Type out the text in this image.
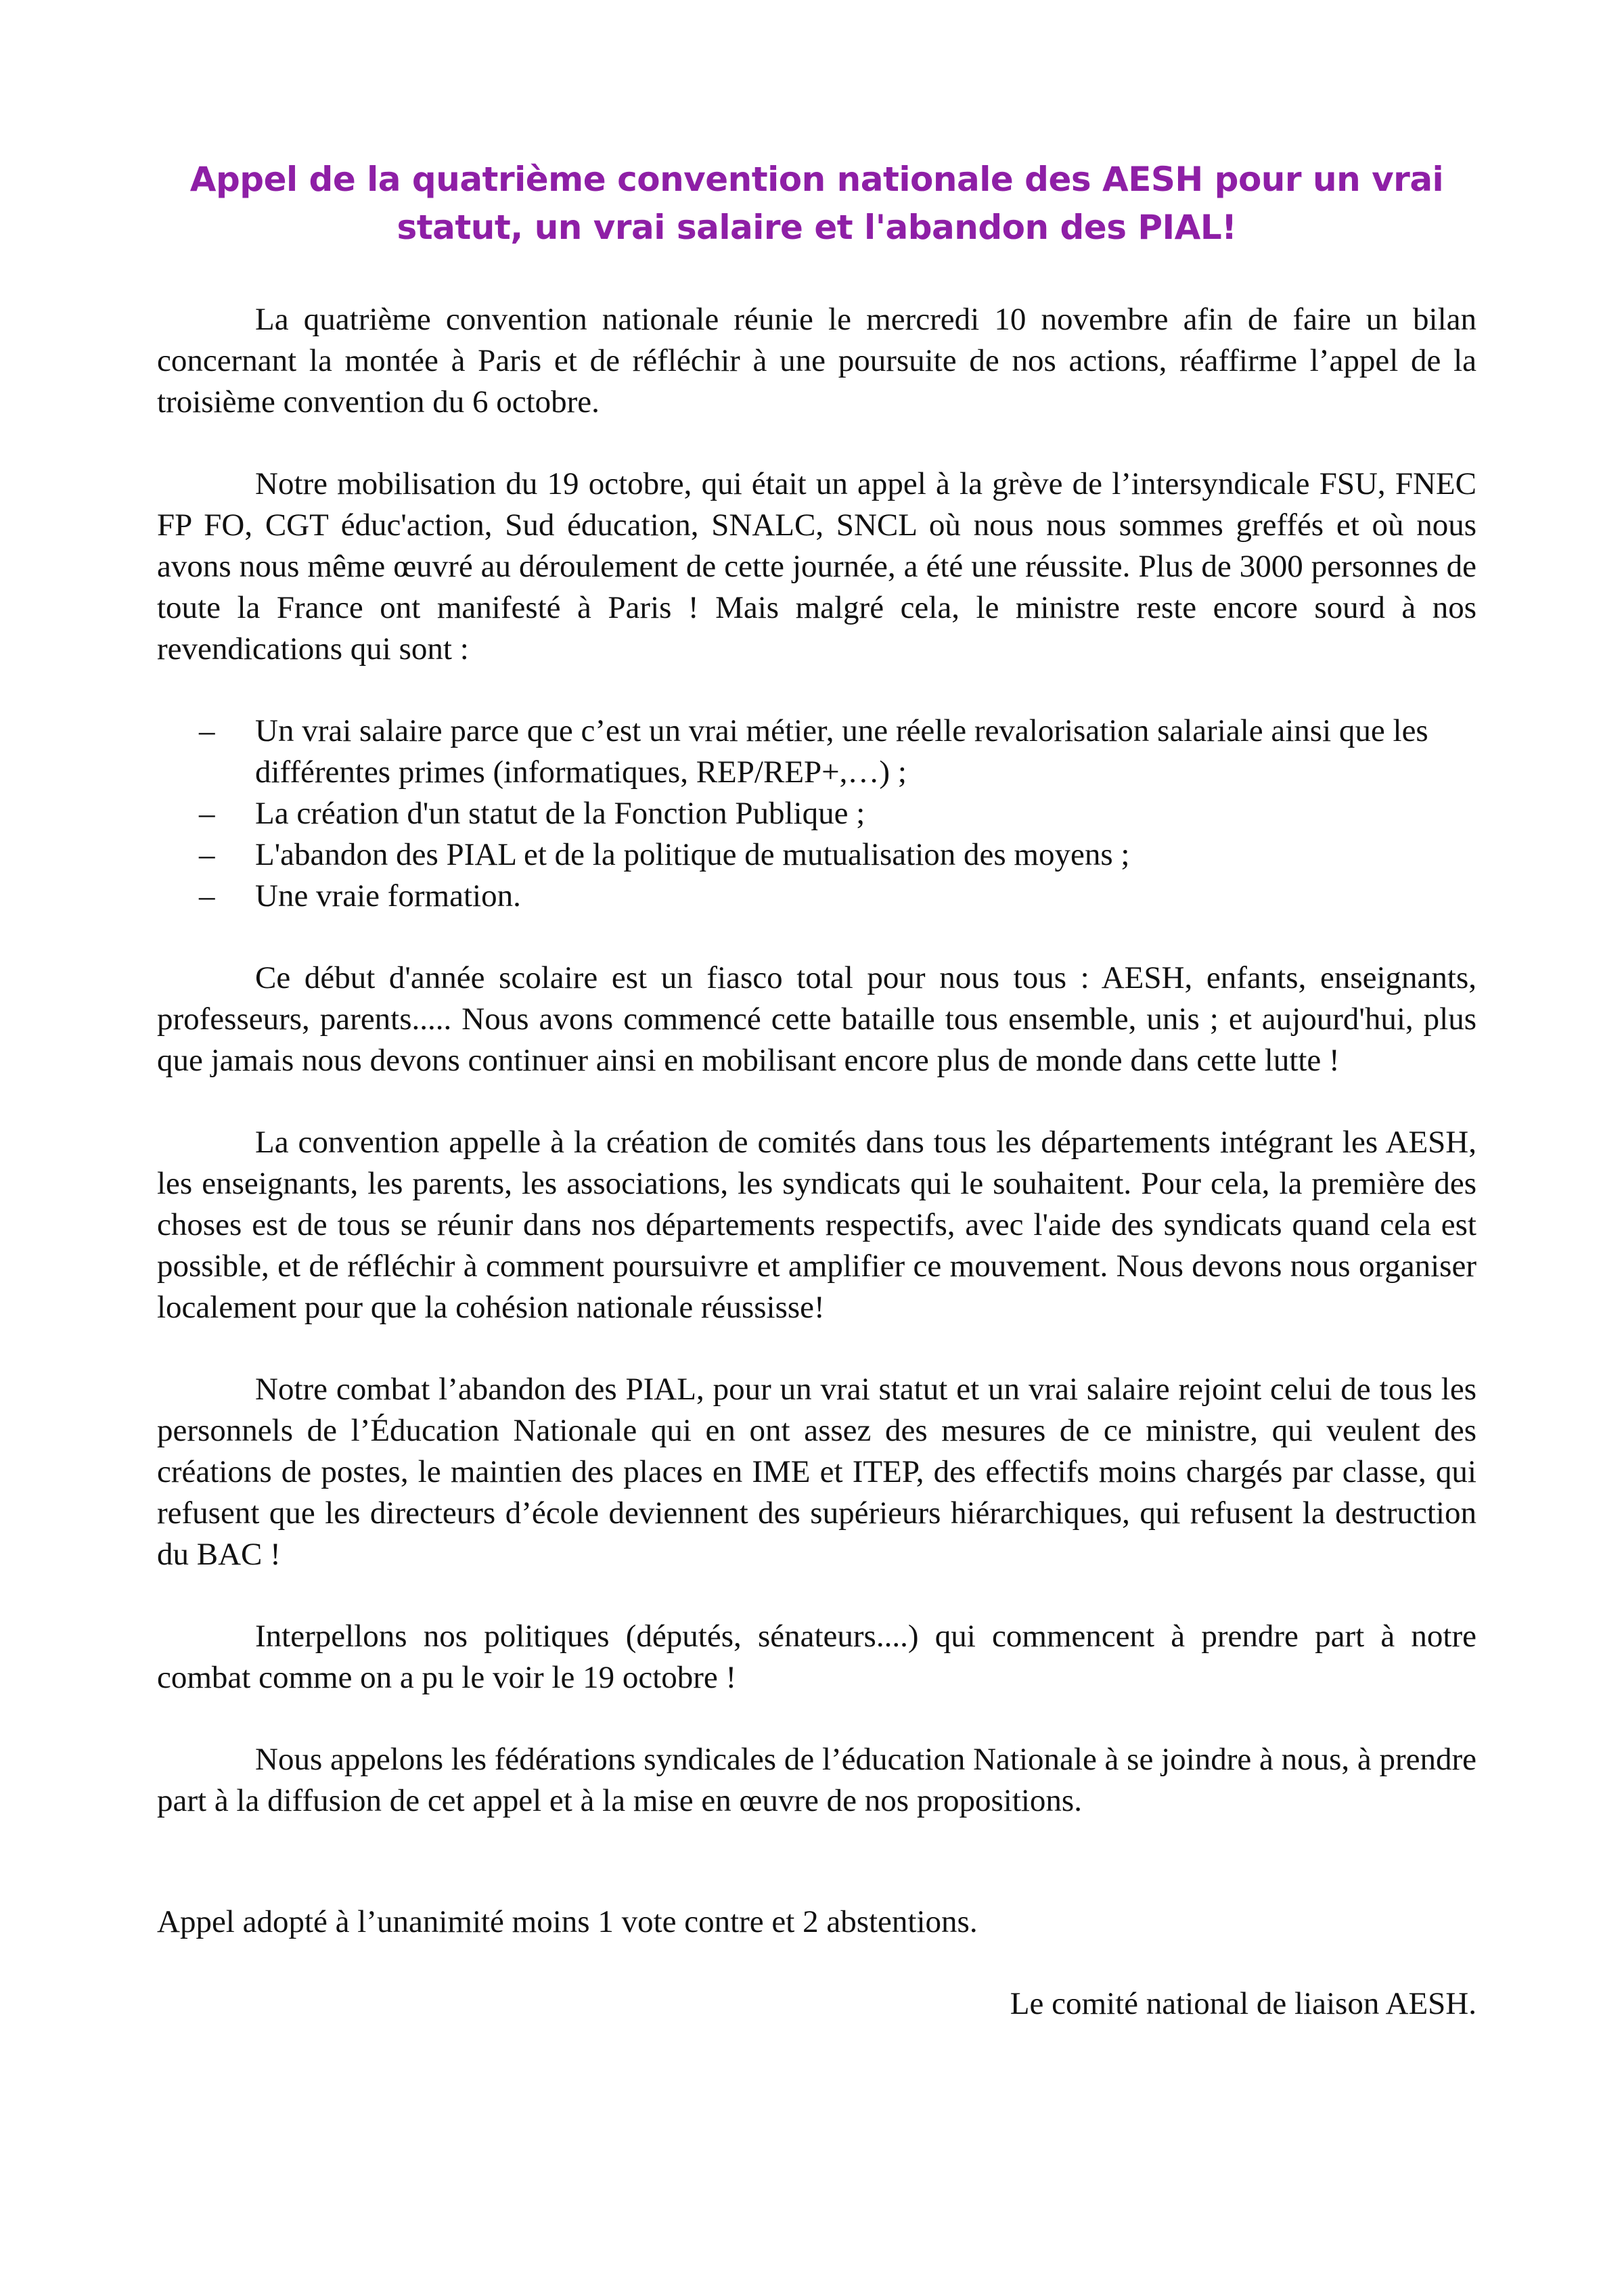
Appel de la quatrième convention nationale des AESH pour un vrai statut, un vrai salaire et l'abandon des PIAL!

La quatrième convention nationale réunie le mercredi 10 novembre afin de faire un bilan concernant la montée à Paris et de réfléchir à une poursuite de nos actions, réaffirme l’appel de la troisième convention du 6 octobre.

Notre mobilisation du 19 octobre, qui était un appel à la grève de l’intersyndicale FSU, FNEC FP FO, CGT éduc'action, Sud éducation, SNALC, SNCL où nous nous sommes greffés et où nous avons nous même œuvré au déroulement de cette journée, a été une réussite. Plus de 3000 personnes de toute la France ont manifesté à Paris ! Mais malgré cela, le ministre reste encore sourd à nos revendications qui sont :

– Un vrai salaire parce que c’est un vrai métier, une réelle revalorisation salariale ainsi que les différentes primes (informatiques, REP/REP+,…) ;
– La création d'un statut de la Fonction Publique ;
– L'abandon des PIAL et de la politique de mutualisation des moyens ;
– Une vraie formation.

Ce début d'année scolaire est un fiasco total pour nous tous : AESH, enfants, enseignants, professeurs, parents..... Nous avons commencé cette bataille tous ensemble, unis ; et aujourd'hui, plus que jamais nous devons continuer ainsi en mobilisant encore plus de monde dans cette lutte !

La convention appelle à la création de comités dans tous les départements intégrant les AESH, les enseignants, les parents, les associations, les syndicats qui le souhaitent. Pour cela, la première des choses est de tous se réunir dans nos départements respectifs, avec l'aide des syndicats quand cela est possible, et de réfléchir à comment poursuivre et amplifier ce mouvement. Nous devons nous organiser localement pour que la cohésion nationale réussisse!

Notre combat l’abandon des PIAL, pour un vrai statut et un vrai salaire rejoint celui de tous les personnels de l’Éducation Nationale qui en ont assez des mesures de ce ministre, qui veulent des créations de postes, le maintien des places en IME et ITEP, des effectifs moins chargés par classe, qui refusent que les directeurs d’école deviennent des supérieurs hiérarchiques, qui refusent la destruction du BAC !

Interpellons nos politiques (députés, sénateurs....) qui commencent à prendre part à notre combat comme on a pu le voir le 19 octobre !

Nous appelons les fédérations syndicales de l’éducation Nationale à se joindre à nous, à prendre part à la diffusion de cet appel et à la mise en œuvre de nos propositions.

Appel adopté à l’unanimité moins 1 vote contre et 2 abstentions.

Le comité national de liaison AESH.
